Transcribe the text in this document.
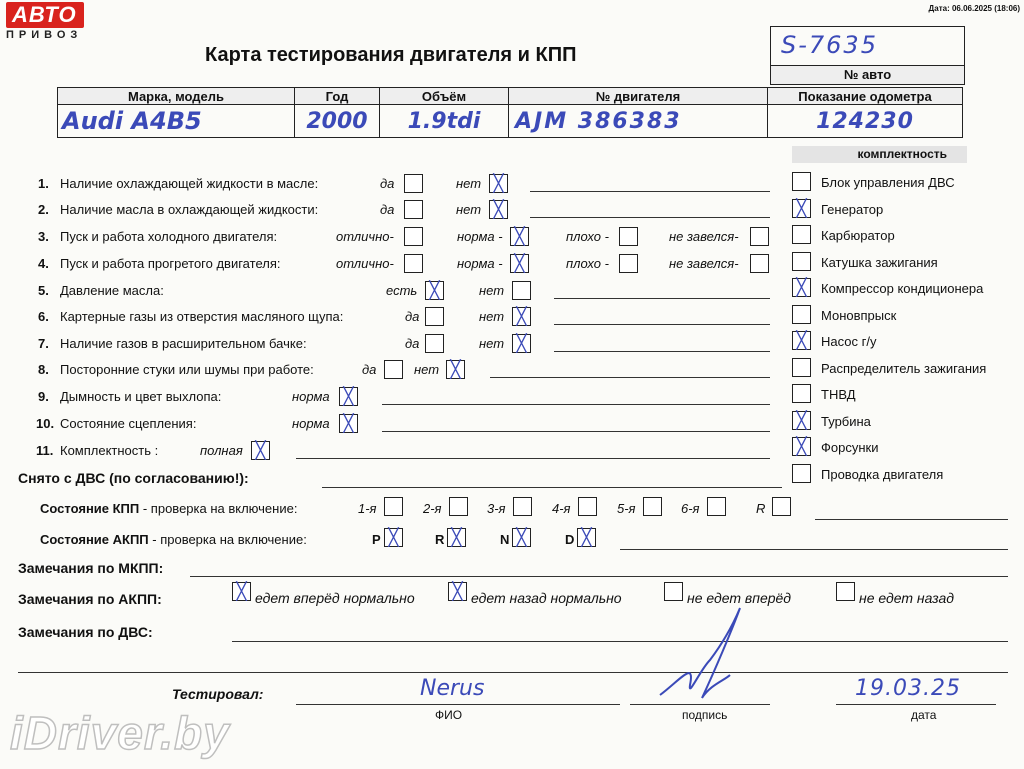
АВТО
ПРИВОЗ
Дата: 06.06.2025 (18:06)
Карта тестирования двигателя и КПП	S-7635
№ авто
Марка, модель	Год	Объём	№ двигателя	Показание одометра
Audi A4B5	2000	1.9tdi	AJM 386383	124230
комплектность
1. Наличие охлаждающей жидкости в масле:	да	нет ╳
2. Наличие масла в охлаждающей жидкости:	да	нет ╳
3. Пуск и работа холодного двигателя:	отлично-	норма - ╳	плохо -	не завелся-
4. Пуск и работа прогретого двигателя:	отлично-	норма - ╳	плохо -	не завелся-
5. Давление масла:	есть ╳	нет
6. Картерные газы из отверстия масляного щупа:	да	нет ╳
7. Наличие газов в расширительном бачке:	да	нет ╳
8. Посторонние стуки или шумы при работе:	да	нет ╳
9. Дымность и цвет выхлопа:	норма ╳
10. Состояние сцепления:	норма ╳
11. Комплектность :	полная ╳
Блок управления ДВС
╳	Генератор
Карбюратор
Катушка зажигания
╳	Компрессор кондиционера
Моновпрыск
╳	Насос г/у
Распределитель зажигания
ТНВД
╳	Турбина
╳	Форсунки
Проводка двигателя
Снято с ДВС (по согласованию!):
Состояние КПП - проверка на включение:	1-я	2-я	3-я	4-я	5-я	6-я	R
Состояние АКПП - проверка на включение:	P ╳	R ╳	N ╳	D ╳
Замечания по МКПП:
Замечания по АКПП:	╳ едет вперёд нормально ╳ едет назад нормально	не едет вперёд	не едет назад
Замечания по ДВС:
Тестировал:	Nerus
ФИО	подпись
19.03.25
дата
iDriver.by
